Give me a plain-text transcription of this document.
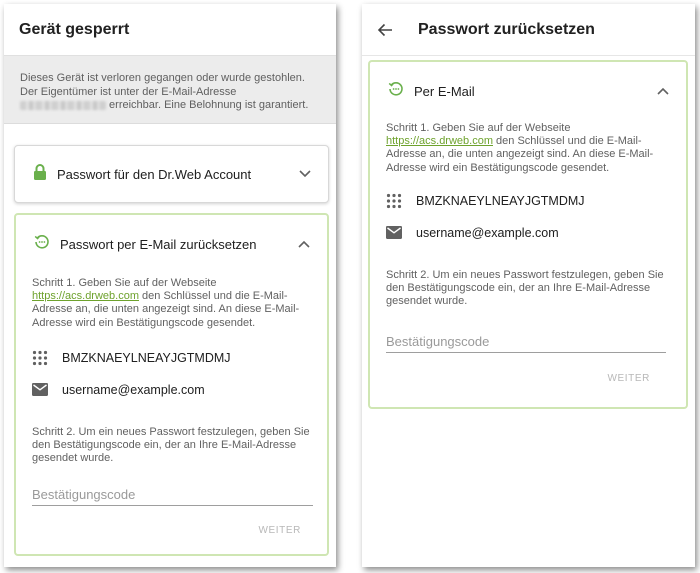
Gerät gesperrt
Dieses Gerät ist verloren gegangen oder wurde gestohlen. Der Eigentümer ist unter der E-Mail-Adresse  erreichbar. Eine Belohnung ist garantiert.
Passwort für den Dr.Web Account
Passwort per E-Mail zurücksetzen

Schritt 1. Geben Sie auf der Webseite https://acs.drweb.com den Schlüssel und die E-Mail-Adresse an, die unten angezeigt sind. An diese E-Mail-Adresse wird ein Bestätigungscode gesendet.

BMZKNAEYLNEAYJGTMDMJ
username@example.com

Schritt 2. Um ein neues Passwort festzulegen, geben Sie den Bestätigungscode ein, der an Ihre E-Mail-Adresse gesendet wurde.

Bestätigungscode
WEITER
Passwort zurücksetzen
Per E-Mail

Schritt 1. Geben Sie auf der Webseite https://acs.drweb.com den Schlüssel und die E-Mail-Adresse an, die unten angezeigt sind. An diese E-Mail-Adresse wird ein Bestätigungscode gesendet.

BMZKNAEYLNEAYJGTMDMJ
username@example.com

Schritt 2. Um ein neues Passwort festzulegen, geben Sie den Bestätigungscode ein, der an Ihre E-Mail-Adresse gesendet wurde.

Bestätigungscode
WEITER
